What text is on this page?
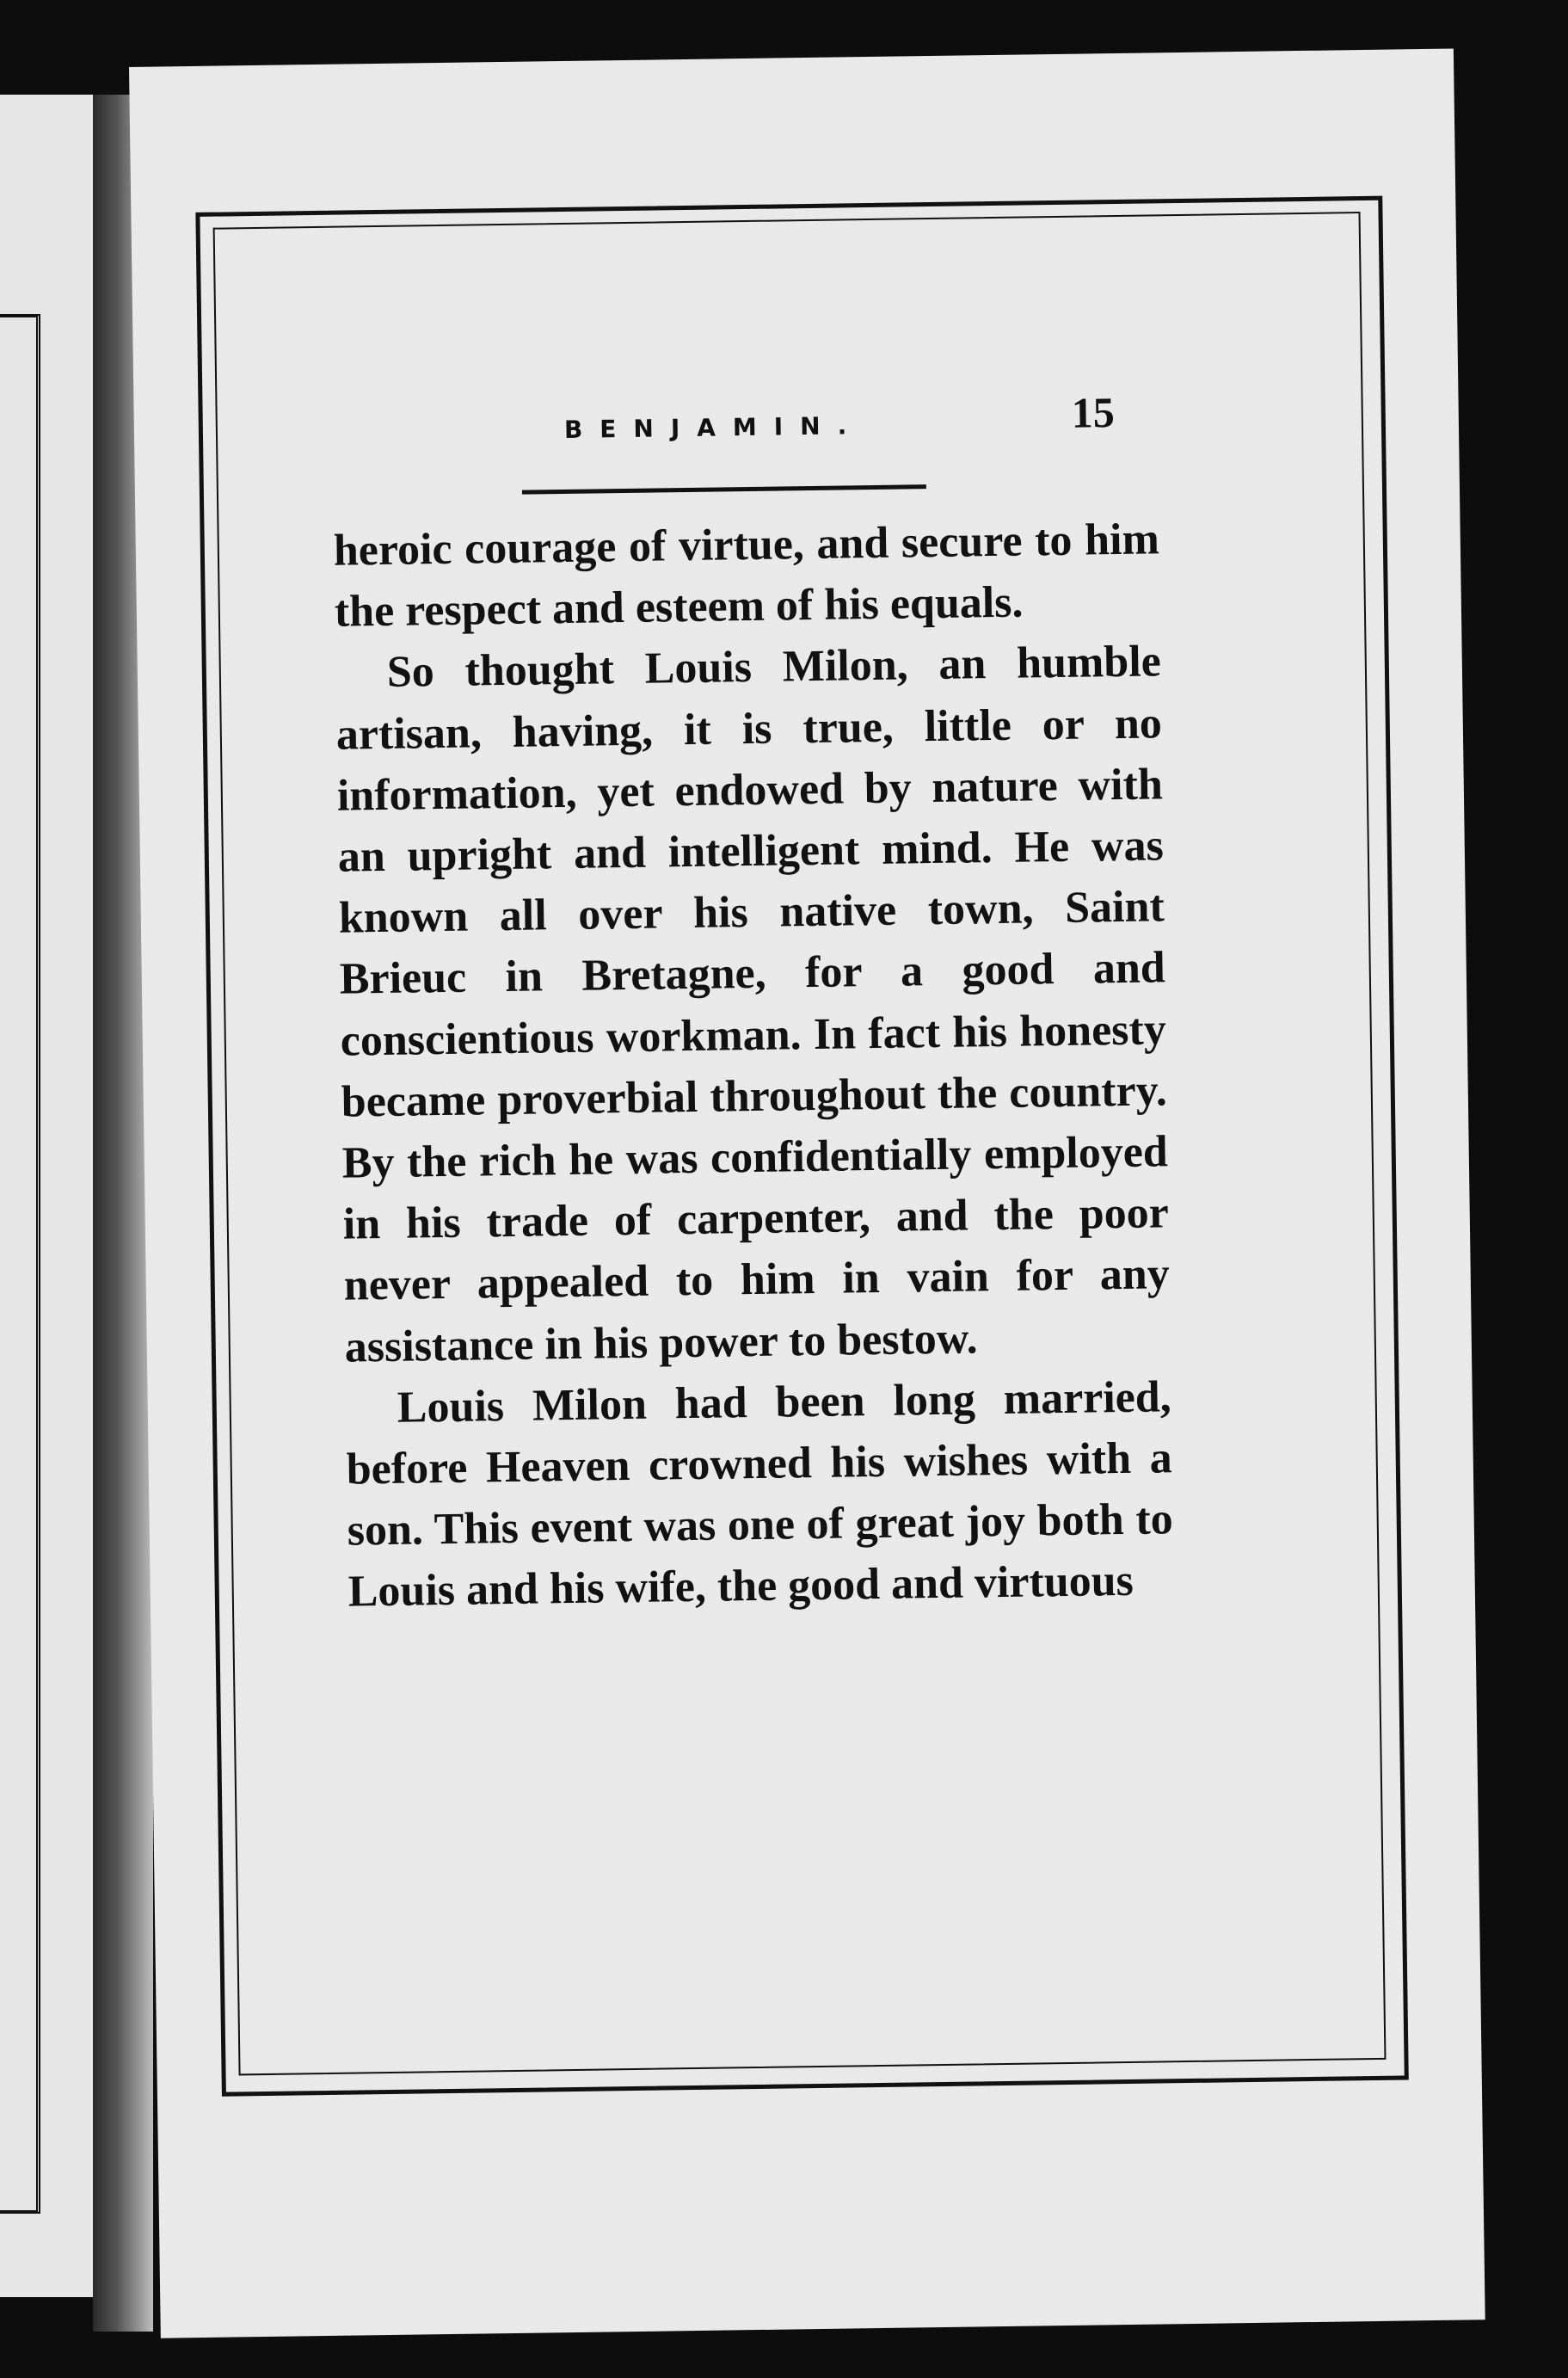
BENJAMIN.	15

heroic courage of virtue, and secure to him the respect and esteem of his equals.

So thought Louis Milon, an humble artisan, having, it is true, little or no information, yet endowed by nature with an upright and intelligent mind. He was known all over his native town, Saint Brieuc in Bretagne, for a good and conscientious workman. In fact his honesty became proverbial throughout the country. By the rich he was confidentially employed in his trade of carpenter, and the poor never appealed to him in vain for any assistance in his power to bestow.

Louis Milon had been long married, before Heaven crowned his wishes with a son. This event was one of great joy both to Louis and his wife, the good and virtuous
